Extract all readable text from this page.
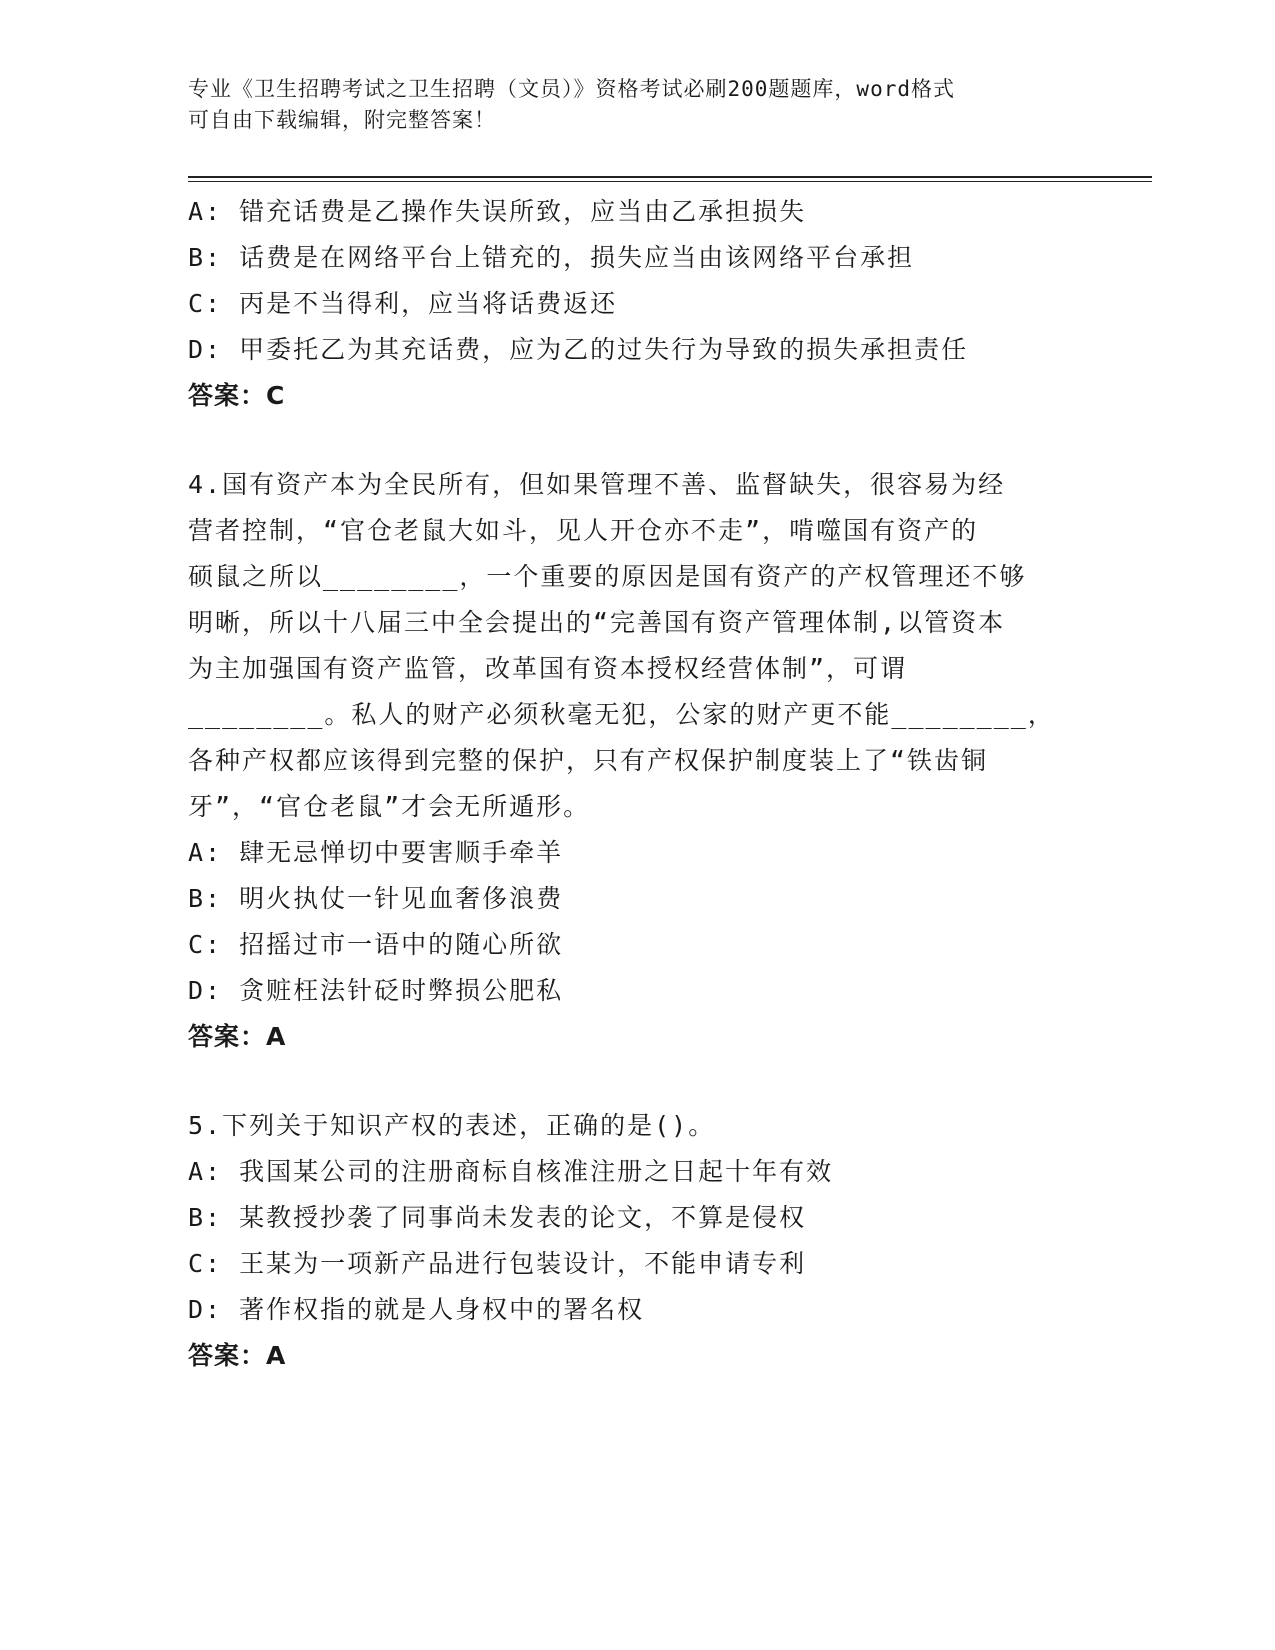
专业《卫生招聘考试之卫生招聘（文员）》资格考试必刷200题题库，word格式
可自由下载编辑，附完整答案！
A: 错充话费是乙操作失误所致，应当由乙承担损失
B: 话费是在网络平台上错充的，损失应当由该网络平台承担
C: 丙是不当得利，应当将话费返还
D: 甲委托乙为其充话费，应为乙的过失行为导致的损失承担责任
答案：C
4.国有资产本为全民所有，但如果管理不善、监督缺失，很容易为经
营者控制，“官仓老鼠大如斗，见人开仓亦不走”，啃噬国有资产的
硕鼠之所以________，一个重要的原因是国有资产的产权管理还不够
明晰，所以十八届三中全会提出的“完善国有资产管理体制,以管资本
为主加强国有资产监管，改革国有资本授权经营体制”，可谓
________。私人的财产必须秋毫无犯，公家的财产更不能________，
各种产权都应该得到完整的保护，只有产权保护制度装上了“铁齿铜
牙”，“官仓老鼠”才会无所遁形。
A: 肆无忌惮切中要害顺手牵羊
B: 明火执仗一针见血奢侈浪费
C: 招摇过市一语中的随心所欲
D: 贪赃枉法针砭时弊损公肥私
答案：A
5.下列关于知识产权的表述，正确的是()。
A: 我国某公司的注册商标自核准注册之日起十年有效
B: 某教授抄袭了同事尚未发表的论文，不算是侵权
C: 王某为一项新产品进行包装设计，不能申请专利
D: 著作权指的就是人身权中的署名权
答案：A
